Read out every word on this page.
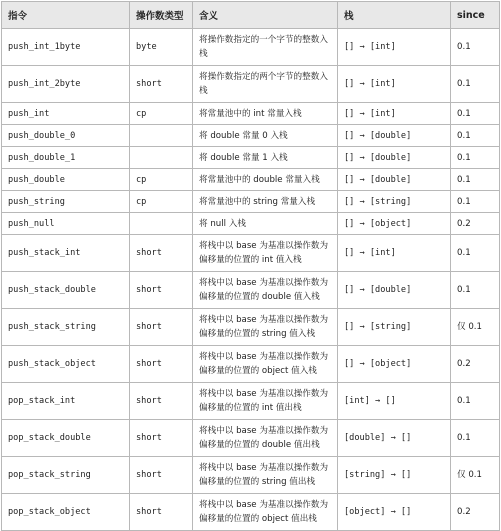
指令	操作数类型	含义	栈	since
push_int_1byte	byte	将操作数指定的一个字节的整数入栈	[] → [int]	0.1
push_int_2byte	short	将操作数指定的两个字节的整数入栈	[] → [int]	0.1
push_int	cp	将常量池中的 int 常量入栈	[] → [int]	0.1
push_double_0		将 double 常量 0 入栈	[] → [double]	0.1
push_double_1		将 double 常量 1 入栈	[] → [double]	0.1
push_double	cp	将常量池中的 double 常量入栈	[] → [double]	0.1
push_string	cp	将常量池中的 string 常量入栈	[] → [string]	0.1
push_null		将 null 入栈	[] → [object]	0.2
push_stack_int	short	将栈中以 base 为基准以操作数为偏移量的位置的 int 值入栈	[] → [int]	0.1
push_stack_double	short	将栈中以 base 为基准以操作数为偏移量的位置的 double 值入栈	[] → [double]	0.1
push_stack_string	short	将栈中以 base 为基准以操作数为偏移量的位置的 string 值入栈	[] → [string]	仅 0.1
push_stack_object	short	将栈中以 base 为基准以操作数为偏移量的位置的 object 值入栈	[] → [object]	0.2
pop_stack_int	short	将栈中以 base 为基准以操作数为偏移量的位置的 int 值出栈	[int] → []	0.1
pop_stack_double	short	将栈中以 base 为基准以操作数为偏移量的位置的 double 值出栈	[double] → []	0.1
pop_stack_string	short	将栈中以 base 为基准以操作数为偏移量的位置的 string 值出栈	[string] → []	仅 0.1
pop_stack_object	short	将栈中以 base 为基准以操作数为偏移量的位置的 object 值出栈	[object] → []	0.2
